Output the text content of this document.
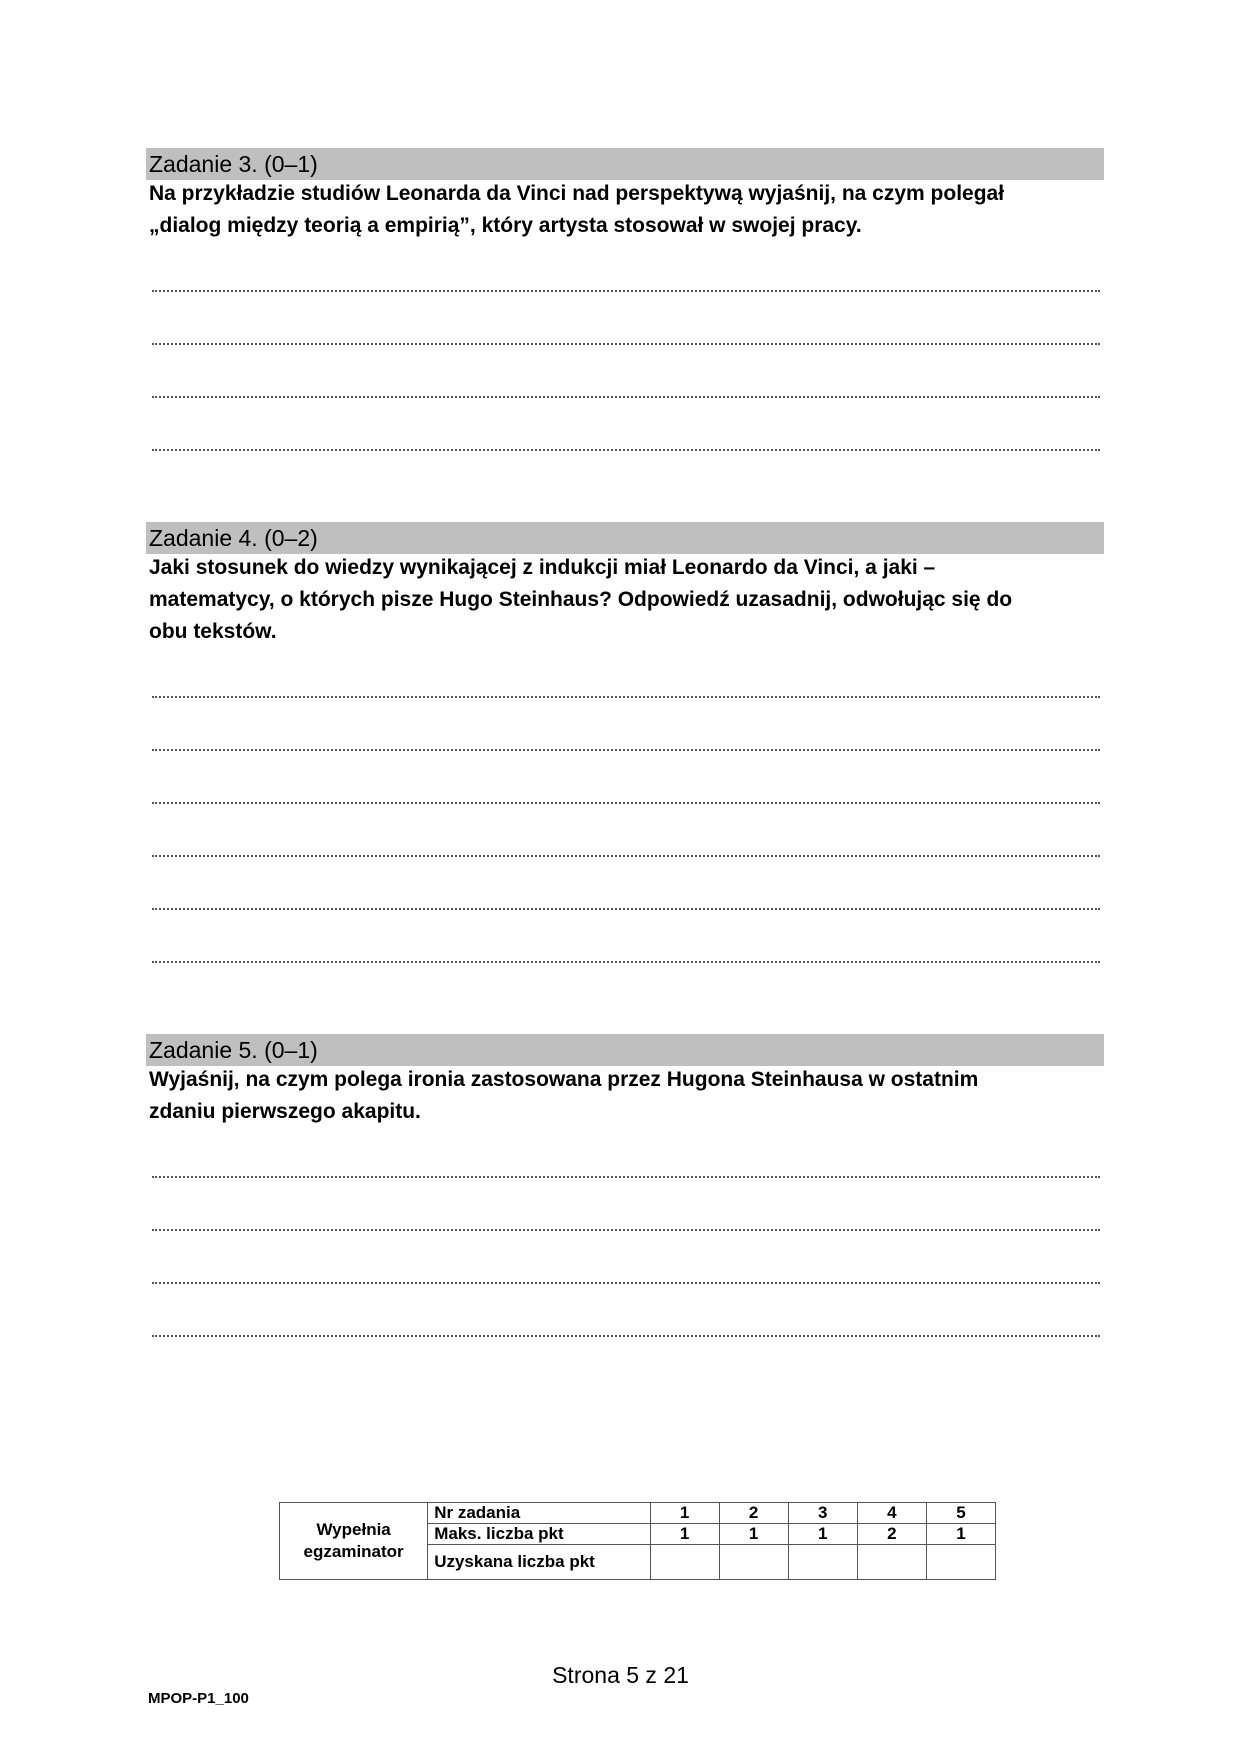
Zadanie 3. (0–1)
Na przykładzie studiów Leonarda da Vinci nad perspektywą wyjaśnij, na czym polegał
„dialog między teorią a empirią”, który artysta stosował w swojej pracy.
Zadanie 4. (0–2)
Jaki stosunek do wiedzy wynikającej z indukcji miał Leonardo da Vinci, a jaki –
matematycy, o których pisze Hugo Steinhaus? Odpowiedź uzasadnij, odwołując się do
obu tekstów.
Zadanie 5. (0–1)
Wyjaśnij, na czym polega ironia zastosowana przez Hugona Steinhausa w ostatnim
zdaniu pierwszego akapitu.
Wypełnia
egzaminator	Nr zadania	1	2	3	4	5
	Maks. liczba pkt	1	1	1	2	1
	Uzyskana liczba pkt					
Strona 5 z 21
MPOP-P1_100
